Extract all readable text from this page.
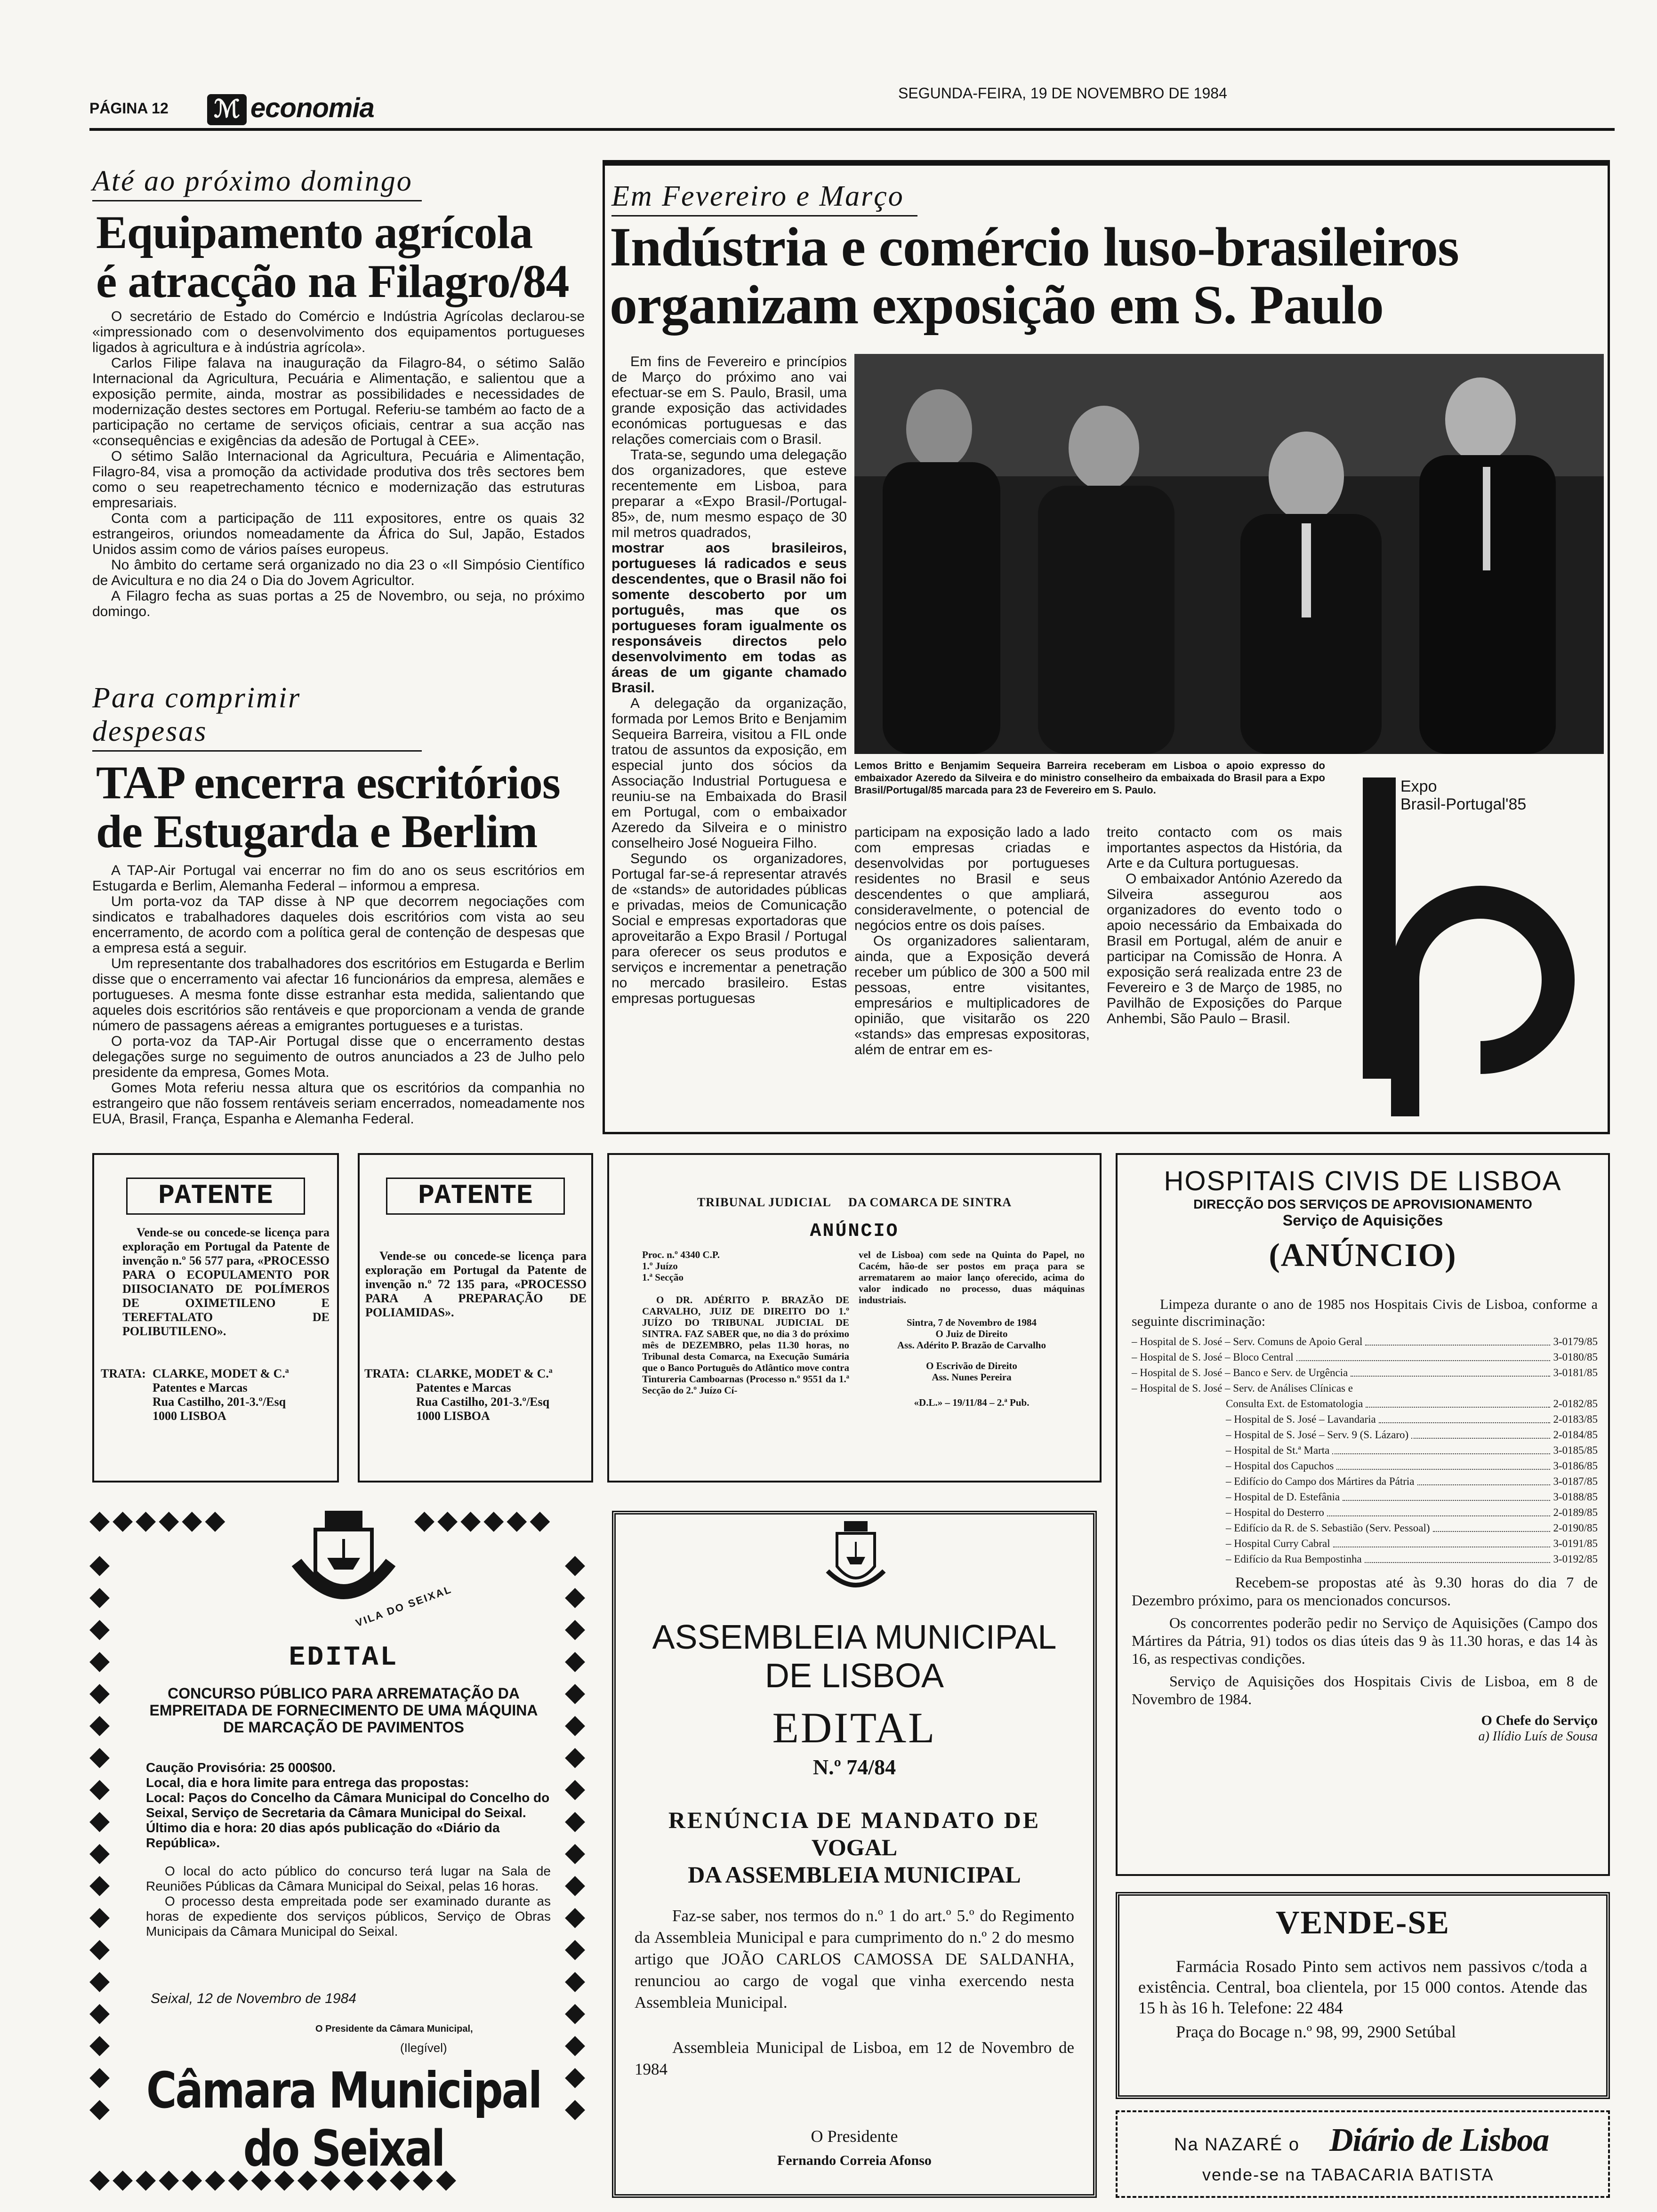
PÁGINA 12 ℳ economia	SEGUNDA-FEIRA, 19 DE NOVEMBRO DE 1984
Até ao próximo domingo
Equipamento agrícola
é atracção na Filagro/84

O secretário de Estado do Comércio e Indústria Agrícolas declarou-se «impressionado com o desenvolvimento dos equipamentos portugueses ligados à agricultura e à indústria agrícola».

Carlos Filipe falava na inauguração da Filagro-84, o sétimo Salão Internacional da Agricultura, Pecuária e Alimentação, e salientou que a exposição permite, ainda, mostrar as possibilidades e necessidades de modernização destes sectores em Portugal. Referiu-se também ao facto de a participação no certame de serviços oficiais, centrar a sua acção nas «consequências e exigências da adesão de Portugal à CEE».

O sétimo Salão Internacional da Agricultura, Pecuária e Alimentação, Filagro-84, visa a promoção da actividade produtiva dos três sectores bem como o seu reapetrechamento técnico e modernização das estruturas empresariais.

Conta com a participação de 111 expositores, entre os quais 32 estrangeiros, oriundos nomeadamente da África do Sul, Japão, Estados Unidos assim como de vários países europeus.

No âmbito do certame será organizado no dia 23 o «II Simpósio Científico de Avicultura e no dia 24 o Dia do Jovem Agricultor.

A Filagro fecha as suas portas a 25 de Novembro, ou seja, no próximo domingo.

Para comprimir despesas
TAP encerra escritórios
de Estugarda e Berlim

A TAP-Air Portugal vai encerrar no fim do ano os seus escritórios em Estugarda e Berlim, Alemanha Federal – informou a empresa.

Um porta-voz da TAP disse à NP que decorrem negociações com sindicatos e trabalhadores daqueles dois escritórios com vista ao seu encerramento, de acordo com a política geral de contenção de despesas que a empresa está a seguir.

Um representante dos trabalhadores dos escritórios em Estugarda e Berlim disse que o encerramento vai afectar 16 funcionários da empresa, alemães e portugueses. A mesma fonte disse estranhar esta medida, salientando que aqueles dois escritórios são rentáveis e que proporcionam a venda de grande número de passagens aéreas a emigrantes portugueses e a turistas.

O porta-voz da TAP-Air Portugal disse que o encerramento destas delegações surge no seguimento de outros anunciados a 23 de Julho pelo presidente da empresa, Gomes Mota.

Gomes Mota referiu nessa altura que os escritórios da companhia no estrangeiro que não fossem rentáveis seriam encerrados, nomeadamente nos EUA, Brasil, França, Espanha e Alemanha Federal.

Em Fevereiro e Março
Indústria e comércio luso-brasileiros
organizam exposição em S. Paulo

Em fins de Fevereiro e princípios de Março do próximo ano vai efectuar-se em S. Paulo, Brasil, uma grande exposição das actividades económicas portuguesas e das relações comerciais com o Brasil.

Trata-se, segundo uma delegação dos organizadores, que esteve recentemente em Lisboa, para preparar a «Expo Brasil-/Portugal-85», de, num mesmo espaço de 30 mil metros quadrados,

mostrar aos brasileiros, portugueses lá radicados e seus descendentes, que o Brasil não foi somente descoberto por um português, mas que os portugueses foram igualmente os responsáveis directos pelo desenvolvimento em todas as áreas de um gigante chamado Brasil.

A delegação da organização, formada por Lemos Brito e Benjamim Sequeira Barreira, visitou a FIL onde tratou de assuntos da exposição, em especial junto dos sócios da Associação Industrial Portuguesa e reuniu-se na Embaixada do Brasil em Portugal, com o embaixador Azeredo da Silveira e o ministro conselheiro José Nogueira Filho.

Segundo os organizadores, Portugal far-se-á representar através de «stands» de autoridades públicas e privadas, meios de Comunicação Social e empresas exportadoras que aproveitarão a Expo Brasil / Portugal para oferecer os seus produtos e serviços e incrementar a penetração no mercado brasileiro. Estas empresas portuguesas

Lemos Britto e Benjamim Sequeira Barreira receberam em Lisboa o apoio expresso do embaixador Azeredo da Silveira e do ministro conselheiro da embaixada do Brasil para a Expo Brasil/Portugal/85 marcada para 23 de Fevereiro em S. Paulo.

participam na exposição lado a lado com empresas criadas e desenvolvidas por portugueses residentes no Brasil e seus descendentes o que ampliará, consideravelmente, o potencial de negócios entre os dois países.

Os organizadores salientaram, ainda, que a Exposição deverá receber um público de 300 a 500 mil pessoas, entre visitantes, empresários e multiplicadores de opinião, que visitarão os 220 «stands» das empresas expositoras, além de entrar em es-

treito contacto com os mais importantes aspectos da História, da Arte e da Cultura portuguesas.

O embaixador António Azeredo da Silveira assegurou aos organizadores do evento todo o apoio necessário da Embaixada do Brasil em Portugal, além de anuir e participar na Comissão de Honra. A exposição será realizada entre 23 de Fevereiro e 3 de Março de 1985, no Pavilhão de Exposições do Parque Anhembi, São Paulo – Brasil.

Expo
Brasil-Portugal'85
PATENTE
Vende-se ou concede-se licença para exploração em Portugal da Patente de invenção n.º 56 577 para, «PROCESSO PARA O ECOPULAMENTO POR DIISOCIANATO DE POLÍMEROS DE OXIMETILENO E TEREFTALATO DE POLIBUTILENO».
TRATA: CLARKE, MODET & C.ª
Patentes e Marcas
Rua Castilho, 201-3.º/Esq
1000 LISBOA
PATENTE
Vende-se ou concede-se licença para exploração em Portugal da Patente de invenção n.º 72 135 para, «PROCESSO PARA A PREPARAÇÃO DE POLIAMIDAS».
TRATA: CLARKE, MODET & C.ª
Patentes e Marcas
Rua Castilho, 201-3.º/Esq
1000 LISBOA
TRIBUNAL JUDICIAL DA COMARCA DE SINTRA
ANÚNCIO
Proc. n.º 4340 C.P.
1.º Juízo
1.ª Secção
O DR. ADÉRITO P. BRAZÃO DE CARVALHO, JUIZ DE DIREITO DO 1.º JUÍZO DO TRIBUNAL JUDICIAL DE SINTRA. FAZ SABER que, no dia 3 do próximo mês de DEZEMBRO, pelas 11.30 horas, no Tribunal desta Comarca, na Execução Sumária que o Banco Português do Atlântico move contra Tintureria Camboarnas (Processo n.º 9551 da 1.ª Secção do 2.º Juízo Cí-
vel de Lisboa) com sede na Quinta do Papel, no Cacém, hão-de ser postos em praça para se arrematarem ao maior lanço oferecido, acima do valor indicado no processo, duas máquinas industriais.
Sintra, 7 de Novembro de 1984
O Juiz de Direito
Ass. Adérito P. Brazão de Carvalho
O Escrivão de Direito
Ass. Nunes Pereira
«D.L.» – 19/11/84 – 2.ª Pub.
HOSPITAIS CIVIS DE LISBOA
DIRECÇÃO DOS SERVIÇOS DE APROVISIONAMENTO
Serviço de Aquisições
(ANÚNCIO)
Limpeza durante o ano de 1985 nos Hospitais Civis de Lisboa, conforme a seguinte discriminação:
– Hospital de S. José – Serv. Comuns de Apoio Geral	3-0179/85
– Hospital de S. José – Bloco Central	3-0180/85
– Hospital de S. José – Banco e Serv. de Urgência	3-0181/85
– Hospital de S. José – Serv. de Análises Clínicas e
Consulta Ext. de Estomatologia	2-0182/85
– Hospital de S. José – Lavandaria	2-0183/85
– Hospital de S. José – Serv. 9 (S. Lázaro)	2-0184/85
– Hospital de St.ª Marta	3-0185/85
– Hospital dos Capuchos	3-0186/85
– Edifício do Campo dos Mártires da Pátria	3-0187/85
– Hospital de D. Estefânia	3-0188/85
– Hospital do Desterro	2-0189/85
– Edifício da R. de S. Sebastião (Serv. Pessoal)	2-0190/85
– Hospital Curry Cabral	3-0191/85
– Edifício da Rua Bempostinha	3-0192/85
Recebem-se propostas até às 9.30 horas do dia 7 de Dezembro próximo, para os mencionados concursos.
Os concorrentes poderão pedir no Serviço de Aquisições (Campo dos Mártires da Pátria, 91) todos os dias úteis das 9 às 11.30 horas, e das 14 às 16, as respectivas condições.
Serviço de Aquisições dos Hospitais Civis de Lisboa, em 8 de Novembro de 1984.
O Chefe do Serviço
a) Ilídio Luís de Sousa
◆◆◆◆◆◆	◆◆◆◆◆◆
◆
◆
◆
◆
◆
◆
◆
◆
◆
◆
◆
◆
◆
◆
◆
◆
◆
◆
◆
◆
◆
◆
◆
◆
◆
◆
◆
◆
◆
◆
◆
◆
◆
◆
◆
◆
◆◆◆◆◆◆◆◆◆◆◆◆◆◆◆◆
VILA DO SEIXAL
EDITAL
CONCURSO PÚBLICO PARA ARREMATAÇÃO DA EMPREITADA DE FORNECIMENTO DE UMA MÁQUINA DE MARCAÇÃO DE PAVIMENTOS
Caução Provisória: 25 000$00.
Local, dia e hora limite para entrega das propostas:
Local: Paços do Concelho da Câmara Municipal do Concelho do Seixal, Serviço de Secretaria da Câmara Municipal do Seixal.
Último dia e hora: 20 dias após publicação do «Diário da República».

O local do acto público do concurso terá lugar na Sala de Reuniões Públicas da Câmara Municipal do Seixal, pelas 16 horas.

O processo desta empreitada pode ser examinado durante as horas de expediente dos serviços públicos, Serviço de Obras Municipais da Câmara Municipal do Seixal.

Seixal, 12 de Novembro de 1984
O Presidente da Câmara Municipal,
(Ilegível)
Câmara Municipal do Seixal
ASSEMBLEIA MUNICIPAL
DE LISBOA
EDITAL
N.º 74/84
RENÚNCIA DE MANDATO DE
VOGAL
DA ASSEMBLEIA MUNICIPAL
Faz-se saber, nos termos do n.º 1 do art.º 5.º do Regimento da Assembleia Municipal e para cumprimento do n.º 2 do mesmo artigo que JOÃO CARLOS CAMOSSA DE SALDANHA, renunciou ao cargo de vogal que vinha exercendo nesta Assembleia Municipal.
Assembleia Municipal de Lisboa, em 12 de Novembro de 1984
O Presidente
Fernando Correia Afonso
VENDE-SE
Farmácia Rosado Pinto sem activos nem passivos c/toda a existência. Central, boa clientela, por 15 000 contos. Atende das 15 h às 16 h. Telefone: 22 484
Praça do Bocage n.º 98, 99, 2900 Setúbal
Na NAZARÉ o Diário de Lisboa
vende-se na TABACARIA BATISTA
